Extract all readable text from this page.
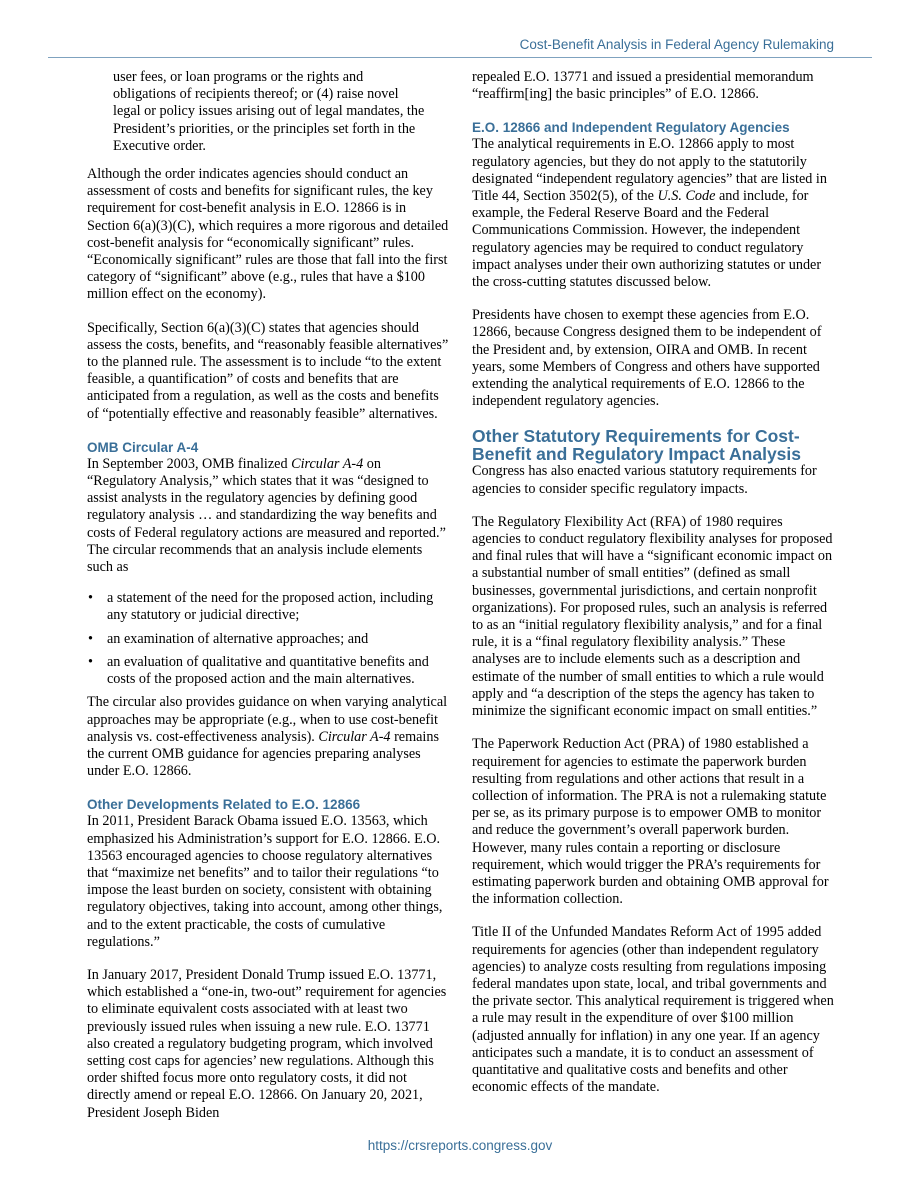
Cost-Benefit Analysis in Federal Agency Rulemaking

user fees, or loan programs or the rights and obligations of recipients thereof; or (4) raise novel legal or policy issues arising out of legal mandates, the President’s priorities, or the principles set forth in the Executive order.

Although the order indicates agencies should conduct an assessment of costs and benefits for significant rules, the key requirement for cost-benefit analysis in E.O. 12866 is in Section 6(a)(3)(C), which requires a more rigorous and detailed cost-benefit analysis for “economically significant” rules. “Economically significant” rules are those that fall into the first category of “significant” above (e.g., rules that have a $100 million effect on the economy).

Specifically, Section 6(a)(3)(C) states that agencies should assess the costs, benefits, and “reasonably feasible alternatives” to the planned rule. The assessment is to include “to the extent feasible, a quantification” of costs and benefits that are anticipated from a regulation, as well as the costs and benefits of “potentially effective and reasonably feasible” alternatives.

OMB Circular A-4

In September 2003, OMB finalized Circular A-4 on “Regulatory Analysis,” which states that it was “designed to assist analysts in the regulatory agencies by defining good regulatory analysis … and standardizing the way benefits and costs of Federal regulatory actions are measured and reported.” The circular recommends that an analysis include elements such as

• a statement of the need for the proposed action, including any statutory or judicial directive;
• an examination of alternative approaches; and
• an evaluation of qualitative and quantitative benefits and costs of the proposed action and the main alternatives.

The circular also provides guidance on when varying analytical approaches may be appropriate (e.g., when to use cost-benefit analysis vs. cost-effectiveness analysis). Circular A-4 remains the current OMB guidance for agencies preparing analyses under E.O. 12866.

Other Developments Related to E.O. 12866

In 2011, President Barack Obama issued E.O. 13563, which emphasized his Administration’s support for E.O. 12866. E.O. 13563 encouraged agencies to choose regulatory alternatives that “maximize net benefits” and to tailor their regulations “to impose the least burden on society, consistent with obtaining regulatory objectives, taking into account, among other things, and to the extent practicable, the costs of cumulative regulations.”

In January 2017, President Donald Trump issued E.O. 13771, which established a “one-in, two-out” requirement for agencies to eliminate equivalent costs associated with at least two previously issued rules when issuing a new rule. E.O. 13771 also created a regulatory budgeting program, which involved setting cost caps for agencies’ new regulations. Although this order shifted focus more onto regulatory costs, it did not directly amend or repeal E.O. 12866. On January 20, 2021, President Joseph Biden

repealed E.O. 13771 and issued a presidential memorandum “reaffirm[ing] the basic principles” of E.O. 12866.

E.O. 12866 and Independent Regulatory Agencies

The analytical requirements in E.O. 12866 apply to most regulatory agencies, but they do not apply to the statutorily designated “independent regulatory agencies” that are listed in Title 44, Section 3502(5), of the U.S. Code and include, for example, the Federal Reserve Board and the Federal Communications Commission. However, the independent regulatory agencies may be required to conduct regulatory impact analyses under their own authorizing statutes or under the cross-cutting statutes discussed below.

Presidents have chosen to exempt these agencies from E.O. 12866, because Congress designed them to be independent of the President and, by extension, OIRA and OMB. In recent years, some Members of Congress and others have supported extending the analytical requirements of E.O. 12866 to the independent regulatory agencies.

Other Statutory Requirements for Cost-Benefit and Regulatory Impact Analysis

Congress has also enacted various statutory requirements for agencies to consider specific regulatory impacts.

The Regulatory Flexibility Act (RFA) of 1980 requires agencies to conduct regulatory flexibility analyses for proposed and final rules that will have a “significant economic impact on a substantial number of small entities” (defined as small businesses, governmental jurisdictions, and certain nonprofit organizations). For proposed rules, such an analysis is referred to as an “initial regulatory flexibility analysis,” and for a final rule, it is a “final regulatory flexibility analysis.” These analyses are to include elements such as a description and estimate of the number of small entities to which a rule would apply and “a description of the steps the agency has taken to minimize the significant economic impact on small entities.”

The Paperwork Reduction Act (PRA) of 1980 established a requirement for agencies to estimate the paperwork burden resulting from regulations and other actions that result in a collection of information. The PRA is not a rulemaking statute per se, as its primary purpose is to empower OMB to monitor and reduce the government’s overall paperwork burden. However, many rules contain a reporting or disclosure requirement, which would trigger the PRA’s requirements for estimating paperwork burden and obtaining OMB approval for the information collection.

Title II of the Unfunded Mandates Reform Act of 1995 added requirements for agencies (other than independent regulatory agencies) to analyze costs resulting from regulations imposing federal mandates upon state, local, and tribal governments and the private sector. This analytical requirement is triggered when a rule may result in the expenditure of over $100 million (adjusted annually for inflation) in any one year. If an agency anticipates such a mandate, it is to conduct an assessment of quantitative and qualitative costs and benefits and other economic effects of the mandate.

https://crsreports.congress.gov
